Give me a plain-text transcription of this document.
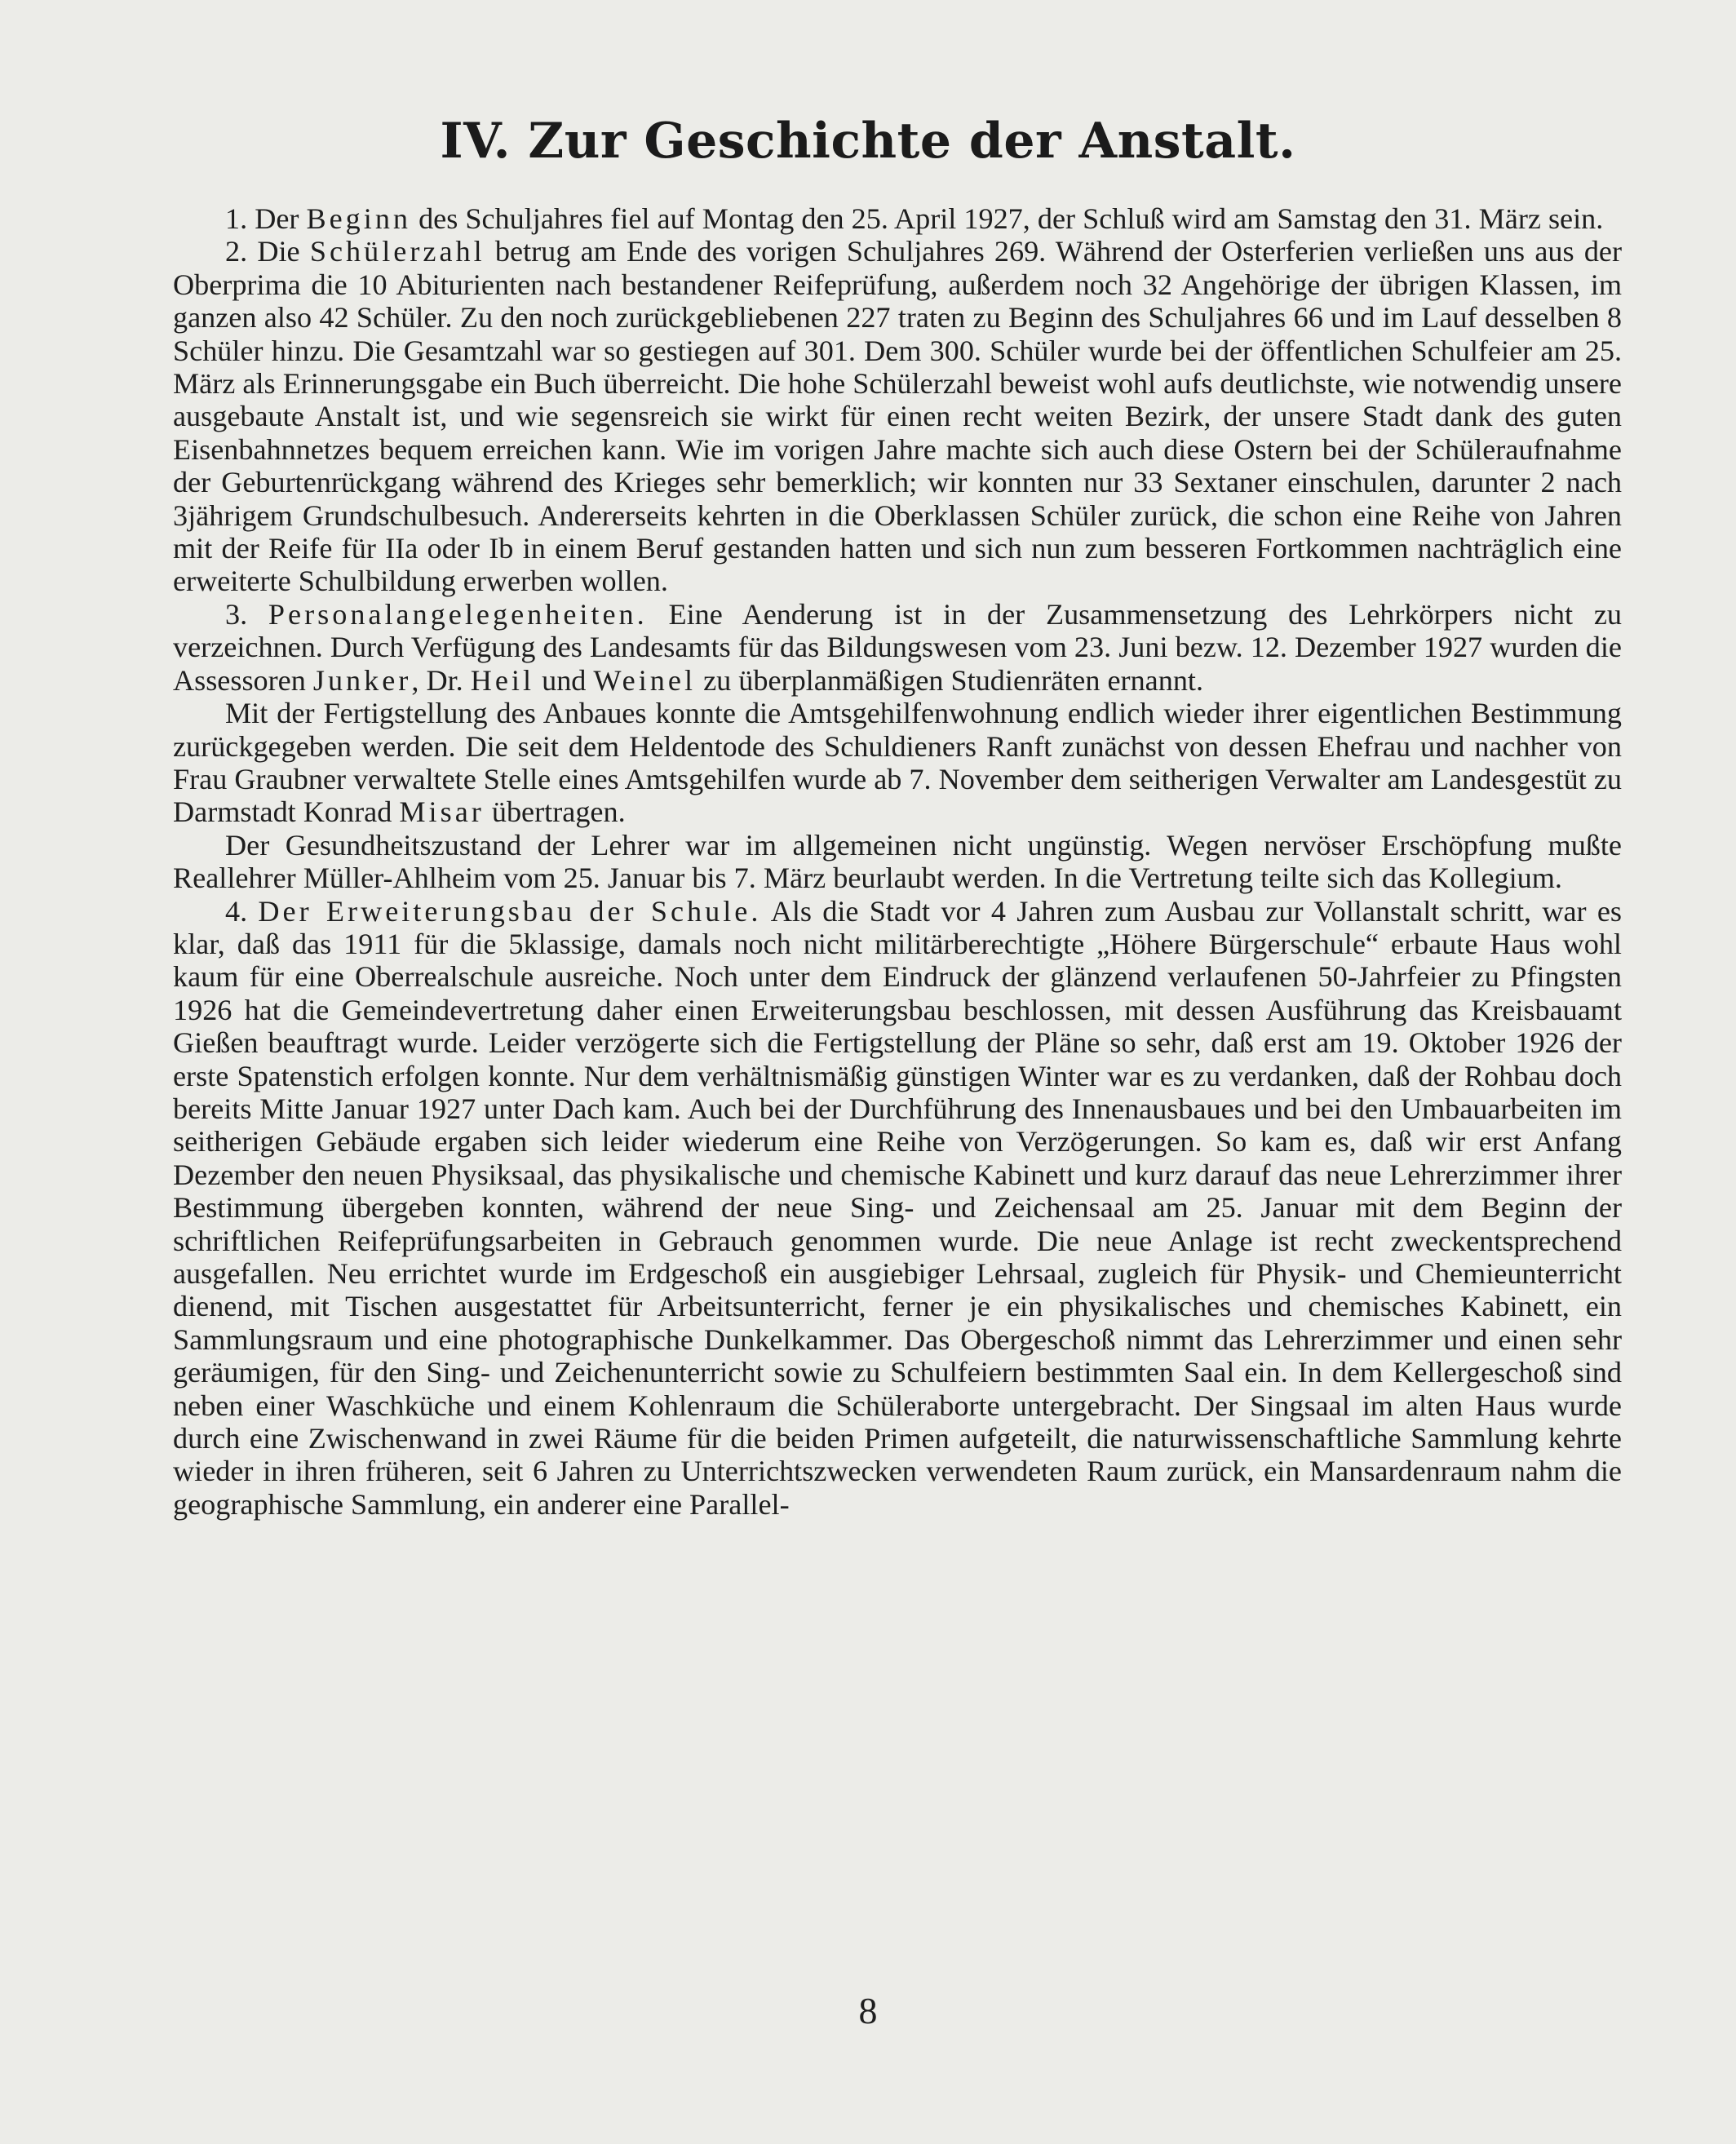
IV. Zur Geschichte der Anstalt.

1. Der Beginn des Schuljahres fiel auf Montag den 25. April 1927, der Schluß wird am Samstag den 31. März sein.

2. Die Schülerzahl betrug am Ende des vorigen Schuljahres 269. Während der Osterferien verließen uns aus der Oberprima die 10 Abiturienten nach bestandener Reifeprüfung, außerdem noch 32 Angehörige der übrigen Klassen, im ganzen also 42 Schüler. Zu den noch zurückgebliebenen 227 traten zu Beginn des Schuljahres 66 und im Lauf desselben 8 Schüler hinzu. Die Gesamtzahl war so gestiegen auf 301. Dem 300. Schüler wurde bei der öffentlichen Schulfeier am 25. März als Erinnerungsgabe ein Buch überreicht. Die hohe Schülerzahl beweist wohl aufs deutlichste, wie notwendig unsere ausgebaute Anstalt ist, und wie segensreich sie wirkt für einen recht weiten Bezirk, der unsere Stadt dank des guten Eisenbahnnetzes bequem erreichen kann. Wie im vorigen Jahre machte sich auch diese Ostern bei der Schüleraufnahme der Geburtenrückgang während des Krieges sehr bemerklich; wir konnten nur 33 Sextaner einschulen, darunter 2 nach 3jährigem Grundschulbesuch. Andererseits kehrten in die Oberklassen Schüler zurück, die schon eine Reihe von Jahren mit der Reife für IIa oder Ib in einem Beruf gestanden hatten und sich nun zum besseren Fortkommen nachträglich eine erweiterte Schulbildung erwerben wollen.

3. Personalangelegenheiten. Eine Aenderung ist in der Zusammensetzung des Lehrkörpers nicht zu verzeichnen. Durch Verfügung des Landesamts für das Bildungswesen vom 23. Juni bezw. 12. Dezember 1927 wurden die Assessoren Junker, Dr. Heil und Weinel zu überplanmäßigen Studienräten ernannt.

Mit der Fertigstellung des Anbaues konnte die Amtsgehilfenwohnung endlich wieder ihrer eigentlichen Bestimmung zurückgegeben werden. Die seit dem Heldentode des Schuldieners Ranft zunächst von dessen Ehefrau und nachher von Frau Graubner verwaltete Stelle eines Amtsgehilfen wurde ab 7. November dem seitherigen Verwalter am Landesgestüt zu Darmstadt Konrad Misar übertragen.

Der Gesundheitszustand der Lehrer war im allgemeinen nicht ungünstig. Wegen nervöser Erschöpfung mußte Reallehrer Müller-Ahlheim vom 25. Januar bis 7. März beurlaubt werden. In die Vertretung teilte sich das Kollegium.

4. Der Erweiterungsbau der Schule. Als die Stadt vor 4 Jahren zum Ausbau zur Vollanstalt schritt, war es klar, daß das 1911 für die 5klassige, damals noch nicht militärberechtigte „Höhere Bürgerschule“ erbaute Haus wohl kaum für eine Oberrealschule ausreiche. Noch unter dem Eindruck der glänzend verlaufenen 50-Jahrfeier zu Pfingsten 1926 hat die Gemeindevertretung daher einen Erweiterungsbau beschlossen, mit dessen Ausführung das Kreisbauamt Gießen beauftragt wurde. Leider verzögerte sich die Fertigstellung der Pläne so sehr, daß erst am 19. Oktober 1926 der erste Spatenstich erfolgen konnte. Nur dem verhältnismäßig günstigen Winter war es zu verdanken, daß der Rohbau doch bereits Mitte Januar 1927 unter Dach kam. Auch bei der Durchführung des Innenausbaues und bei den Umbauarbeiten im seitherigen Gebäude ergaben sich leider wiederum eine Reihe von Verzögerungen. So kam es, daß wir erst Anfang Dezember den neuen Physiksaal, das physikalische und chemische Kabinett und kurz darauf das neue Lehrerzimmer ihrer Bestimmung übergeben konnten, während der neue Sing- und Zeichensaal am 25. Januar mit dem Beginn der schriftlichen Reifeprüfungsarbeiten in Gebrauch genommen wurde. Die neue Anlage ist recht zweckentsprechend ausgefallen. Neu errichtet wurde im Erdgeschoß ein ausgiebiger Lehrsaal, zugleich für Physik- und Chemieunterricht dienend, mit Tischen ausgestattet für Arbeitsunterricht, ferner je ein physikalisches und chemisches Kabinett, ein Sammlungsraum und eine photographische Dunkelkammer. Das Obergeschoß nimmt das Lehrerzimmer und einen sehr geräumigen, für den Sing- und Zeichenunterricht sowie zu Schulfeiern bestimmten Saal ein. In dem Kellergeschoß sind neben einer Waschküche und einem Kohlenraum die Schüleraborte untergebracht. Der Singsaal im alten Haus wurde durch eine Zwischenwand in zwei Räume für die beiden Primen aufgeteilt, die naturwissenschaftliche Sammlung kehrte wieder in ihren früheren, seit 6 Jahren zu Unterrichtszwecken verwendeten Raum zurück, ein Mansardenraum nahm die geographische Sammlung, ein anderer eine Parallel-

8
